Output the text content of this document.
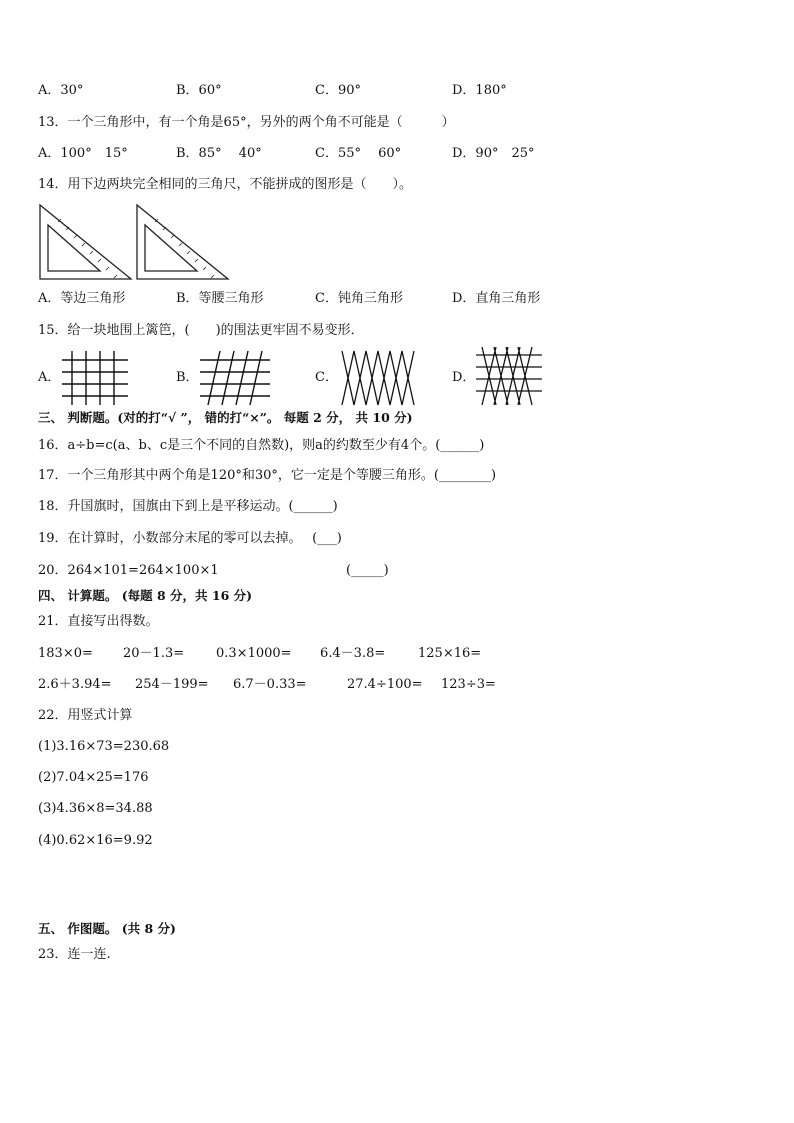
A．30°	B．60°	C．90°	D．180°
13．一个三角形中，有一个角是65°，另外的两个角不可能是（　　　）
A．100°　15°	B．85°　 40°	C．55°　 60°	D．90°　25°
14．用下边两块完全相同的三角尺，不能拼成的图形是（　　）。
A．等边三角形	B．等腰三角形	C．钝角三角形	D．直角三角形
15．给一块地围上篱笆，(　　)的围法更牢固不易变形．
A．	B．	C．	D．
三、 判断题。(对的打“√ ”， 错的打“×”。 每题 2 分， 共 10 分)
16．a÷b=c(a、b、c是三个不同的自然数)，则a的约数至少有4个。(______)
17．一个三角形其中两个角是120°和30°，它一定是个等腰三角形。(________)
18．升国旗时，国旗由下到上是平移运动。(______)
19．在计算时，小数部分末尾的零可以去掉。　 (___)
20．264×101=264×100×1	(_____)
四、 计算题。 (每题 8 分，共 16 分)
21．直接写出得数。
183×0= 20－1.3= 0.3×1000= 6.4－3.8=	125×16=
2.6＋3.94= 254－199= 6.7－0.33=	27.4÷100= 123÷3=
22．用竖式计算
(1)3.16×73=230.68
(2)7.04×25=176
(3)4.36×8=34.88
(4)0.62×16=9.92
五、 作图题。 (共 8 分)
23．连一连.
